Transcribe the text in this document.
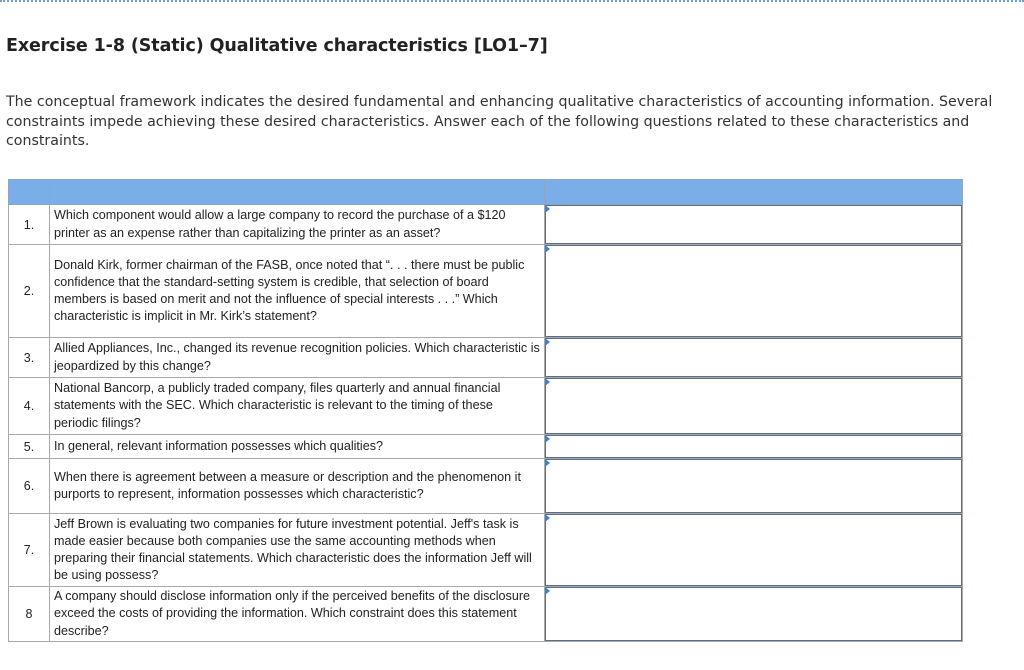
Exercise 1-8 (Static) Qualitative characteristics [LO1–7]

The conceptual framework indicates the desired fundamental and enhancing qualitative characteristics of accounting information. Several constraints impede achieving these desired characteristics. Answer each of the following questions related to these characteristics and constraints.

1.	Which component would allow a large company to record the purchase of a $120 printer as an expense rather than capitalizing the printer as an asset?	

2.	Donald Kirk, former chairman of the FASB, once noted that “. . . there must be public confidence that the standard-setting system is credible, that selection of board members is based on merit and not the influence of special interests . . .” Which characteristic is implicit in Mr. Kirk’s statement?	

3.	Allied Appliances, Inc., changed its revenue recognition policies. Which characteristic is jeopardized by this change?	

4.	National Bancorp, a publicly traded company, files quarterly and annual financial statements with the SEC. Which characteristic is relevant to the timing of these periodic filings?	

5.	In general, relevant information possesses which qualities?	

6.	When there is agreement between a measure or description and the phenomenon it purports to represent, information possesses which characteristic?	

7.	Jeff Brown is evaluating two companies for future investment potential. Jeff's task is made easier because both companies use the same accounting methods when preparing their financial statements. Which characteristic does the information Jeff will be using possess?	

8	A company should disclose information only if the perceived benefits of the disclosure exceed the costs of providing the information. Which constraint does this statement describe?	
